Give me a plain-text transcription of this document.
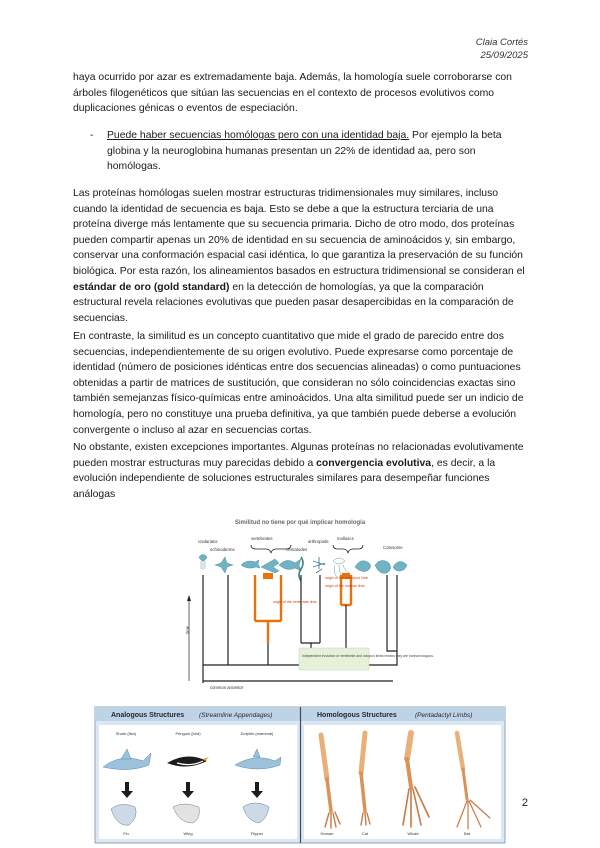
Claia Cortés
25/09/2025

haya ocurrido por azar es extremadamente baja. Además, la homología suele corroborarse con árboles filogenéticos que sitúan las secuencias en el contexto de procesos evolutivos como duplicaciones génicas o eventos de especiación.

- Puede haber secuencias homólogas pero con una identidad baja. Por ejemplo la beta globina y la neuroglobina humanas presentan un 22% de identidad aa, pero son homólogas.

Las proteínas homólogas suelen mostrar estructuras tridimensionales muy similares, incluso cuando la identidad de secuencia es baja. Esto se debe a que la estructura terciaria de una proteína diverge más lentamente que su secuencia primaria. Dicho de otro modo, dos proteínas pueden compartir apenas un 20% de identidad en su secuencia de aminoácidos y, sin embargo, conservar una conformación espacial casi idéntica, lo que garantiza la preservación de su función biológica. Por esta razón, los alineamientos basados en estructura tridimensional se consideran el estándar de oro (gold standard) en la detección de homologías, ya que la comparación estructural revela relaciones evolutivas que pueden pasar desapercibidas en la comparación de secuencias.

En contraste, la similitud es un concepto cuantitativo que mide el grado de parecido entre dos secuencias, independientemente de su origen evolutivo. Puede expresarse como porcentaje de identidad (número de posiciones idénticas entre dos secuencias alineadas) o como puntuaciones obtenidas a partir de matrices de sustitución, que consideran no sólo coincidencias exactas sino también semejanzas físico-químicas entre aminoácidos. Una alta similitud puede ser un indicio de homología, pero no constituye una prueba definitiva, ya que también puede deberse a evolución convergente o incluso al azar en secuencias cortas.

No obstante, existen excepciones importantes. Algunas proteínas no relacionadas evolutivamente pueden mostrar estructuras muy parecidas debido a convergencia evolutiva, es decir, a la evolución independiente de soluciones estructurales similares para desempeñar funciones análogas

Similitud no tiene por qué implicar homología
cnidarians
echinoderms
vertebrates
nematodes
arthropods
molluscs
Cotosome
origin of the vertebrate limb
origin of the arthropod limb
origin of the mollusc limb
time
Independent evolution of vertebrate and octopus limbs means they are nonhomologous.
common ancestor
Analogous Structures (Streamline Appendages)	Homologous Structures	(Pentadactyl Limbs)
Shark (fish)	Penguin (bird)	Dolphin (mammal)
Fin	Wing	Flipper	Human	Cat	Whale	Bat
2
